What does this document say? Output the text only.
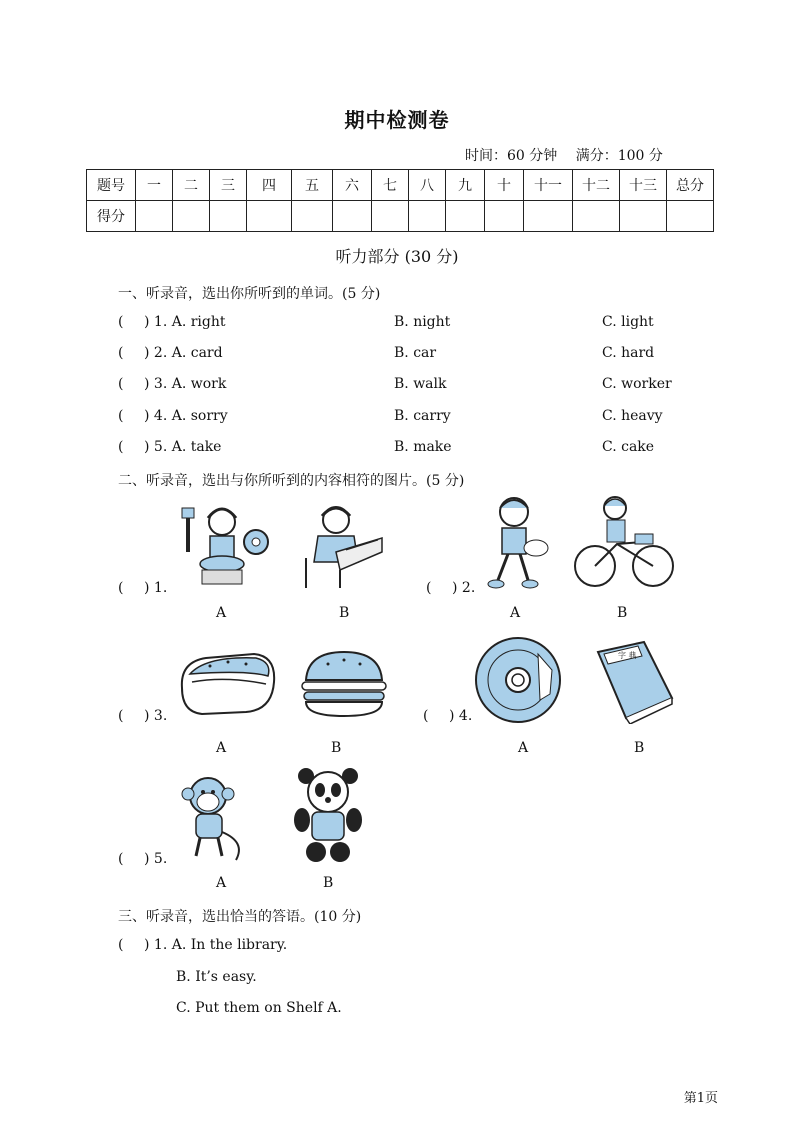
期中检测卷
时间：60 分钟 满分：100 分
题号	一	二	三	四	五	六	七	八	九	十	十一	十二	十三	总分
得分														
听力部分 (30 分)
一、听录音，选出你所听到的单词。(5 分)
( ) 1. A. right	B. night	C. light
( ) 2. A. card	B. car	C. hard
( ) 3. A. work	B. walk	C. worker
( ) 4. A. sorry	B. carry	C. heavy
( ) 5. A. take	B. make	C. cake
二、听录音，选出与你所听到的内容相符的图片。(5 分)
( ) 1.
A	B
( ) 2.
A	B
( ) 3.
A	B
( ) 4.
字 典
A	B
( ) 5.
A	B
三、听录音，选出恰当的答语。(10 分)
( ) 1. A. In the library.
B. It’s easy.
C. Put them on Shelf A.
第1页
